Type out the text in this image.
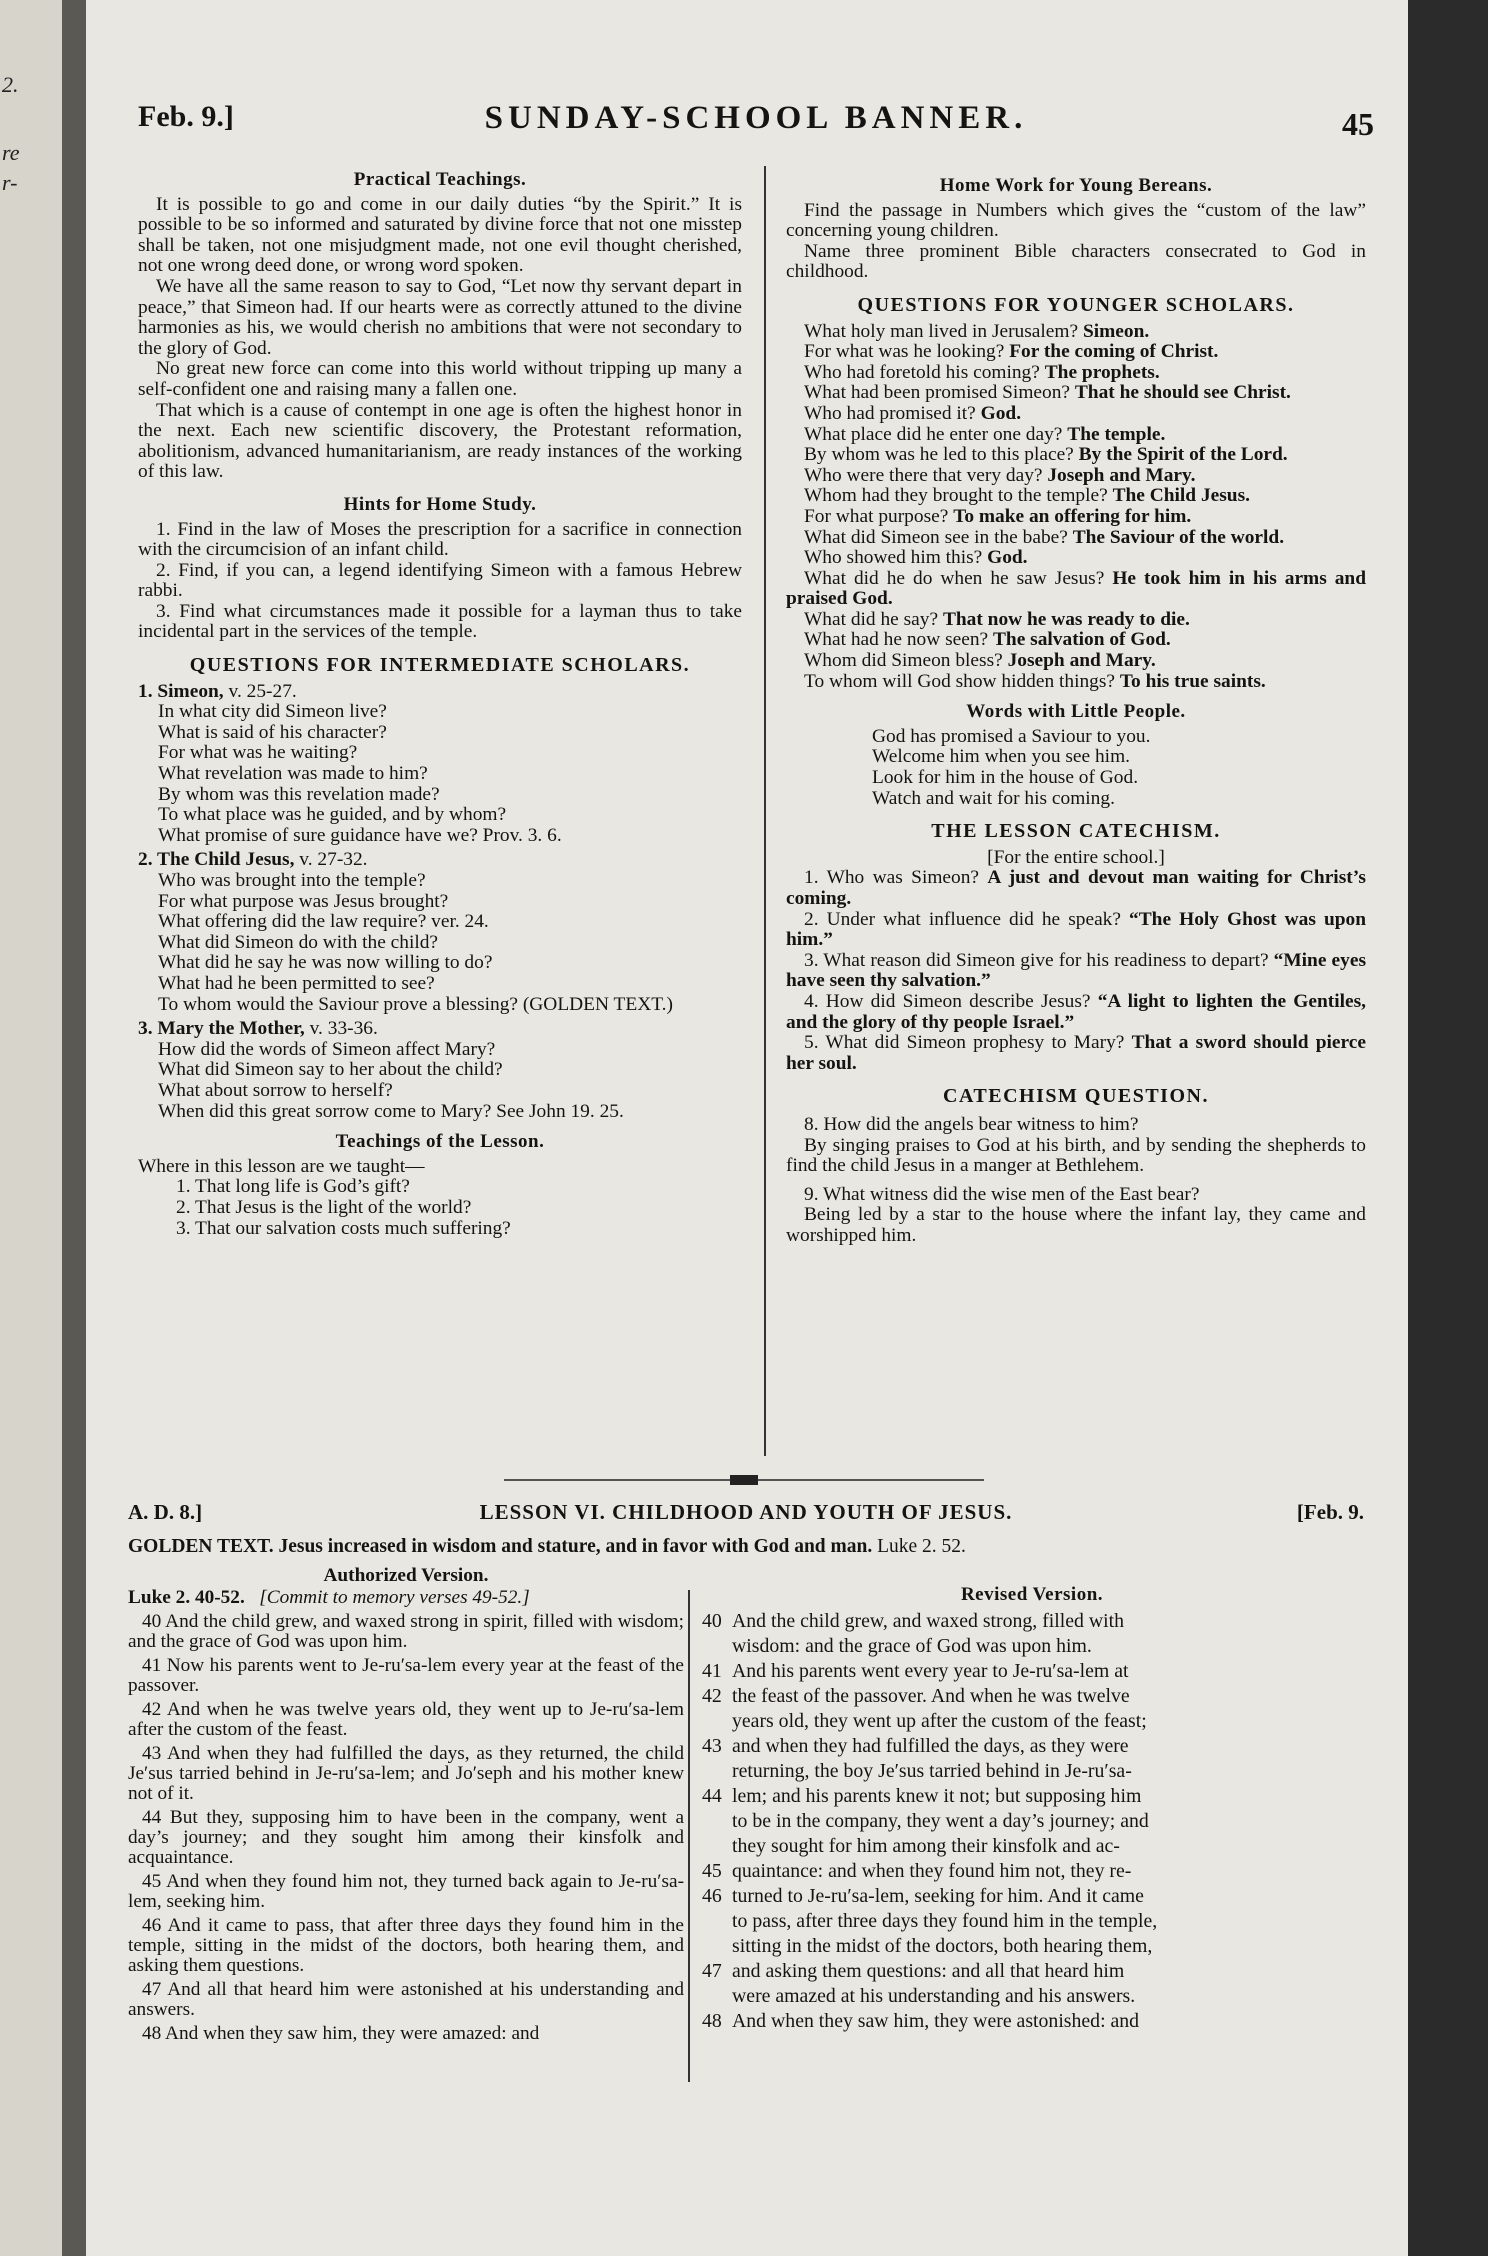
2.
re
r-
Feb. 9.]	SUNDAY-SCHOOL BANNER.	45
Practical Teachings.

It is possible to go and come in our daily duties “by the Spirit.” It is possible to be so informed and saturated by divine force that not one misstep shall be taken, not one misjudgment made, not one evil thought cherished, not one wrong deed done, or wrong word spoken.

We have all the same reason to say to God, “Let now thy servant depart in peace,” that Simeon had. If our hearts were as correctly attuned to the divine harmonies as his, we would cherish no ambitions that were not secondary to the glory of God.

No great new force can come into this world without tripping up many a self-confident one and raising many a fallen one.

That which is a cause of contempt in one age is often the highest honor in the next. Each new scientific discovery, the Protestant reformation, abolitionism, advanced humanitarianism, are ready instances of the working of this law.

Hints for Home Study.

1. Find in the law of Moses the prescription for a sacrifice in connection with the circumcision of an infant child.

2. Find, if you can, a legend identifying Simeon with a famous Hebrew rabbi.

3. Find what circumstances made it possible for a layman thus to take incidental part in the services of the temple.

QUESTIONS FOR INTERMEDIATE SCHOLARS.
1. Simeon, v. 25-27.
In what city did Simeon live?
What is said of his character?
For what was he waiting?
What revelation was made to him?
By whom was this revelation made?
To what place was he guided, and by whom?
What promise of sure guidance have we? Prov. 3. 6.
2. The Child Jesus, v. 27-32.
Who was brought into the temple?
For what purpose was Jesus brought?
What offering did the law require? ver. 24.
What did Simeon do with the child?
What did he say he was now willing to do?
What had he been permitted to see?
To whom would the Saviour prove a blessing? (GOLDEN TEXT.)
3. Mary the Mother, v. 33-36.
How did the words of Simeon affect Mary?
What did Simeon say to her about the child?
What about sorrow to herself?
When did this great sorrow come to Mary? See John 19. 25.
Teachings of the Lesson.
Where in this lesson are we taught—
1. That long life is God’s gift?
2. That Jesus is the light of the world?
3. That our salvation costs much suffering?
Home Work for Young Bereans.

Find the passage in Numbers which gives the “custom of the law” concerning young children.

Name three prominent Bible characters consecrated to God in childhood.

QUESTIONS FOR YOUNGER SCHOLARS.
What holy man lived in Jerusalem? Simeon.
For what was he looking? For the coming of Christ.
Who had foretold his coming? The prophets.
What had been promised Simeon? That he should see Christ.
Who had promised it? God.
What place did he enter one day? The temple.
By whom was he led to this place? By the Spirit of the Lord.
Who were there that very day? Joseph and Mary.
Whom had they brought to the temple? The Child Jesus.
For what purpose? To make an offering for him.
What did Simeon see in the babe? The Saviour of the world.
Who showed him this? God.
What did he do when he saw Jesus? He took him in his arms and praised God.
What did he say? That now he was ready to die.
What had he now seen? The salvation of God.
Whom did Simeon bless? Joseph and Mary.
To whom will God show hidden things? To his true saints.
Words with Little People.
God has promised a Saviour to you.
Welcome him when you see him.
Look for him in the house of God.
Watch and wait for his coming.
THE LESSON CATECHISM.
[For the entire school.]
1. Who was Simeon? A just and devout man waiting for Christ’s coming.
2. Under what influence did he speak? “The Holy Ghost was upon him.”
3. What reason did Simeon give for his readiness to depart? “Mine eyes have seen thy salvation.”
4. How did Simeon describe Jesus? “A light to lighten the Gentiles, and the glory of thy people Israel.”
5. What did Simeon prophesy to Mary? That a sword should pierce her soul.
CATECHISM QUESTION.
8. How did the angels bear witness to him?
By singing praises to God at his birth, and by sending the shepherds to find the child Jesus in a manger at Bethlehem.
9. What witness did the wise men of the East bear?
Being led by a star to the house where the infant lay, they came and worshipped him.
A. D. 8.]	LESSON VI. CHILDHOOD AND YOUTH OF JESUS.	[Feb. 9.
GOLDEN TEXT. Jesus increased in wisdom and stature, and in favor with God and man. Luke 2. 52.
Authorized Version.
Luke 2. 40-52. [Commit to memory verses 49-52.]

40 And the child grew, and waxed strong in spirit, filled with wisdom; and the grace of God was upon him.

41 Now his parents went to Je-ru′sa-lem every year at the feast of the passover.

42 And when he was twelve years old, they went up to Je-ru′sa-lem after the custom of the feast.

43 And when they had fulfilled the days, as they returned, the child Je′sus tarried behind in Je-ru′sa-lem; and Jo′seph and his mother knew not of it.

44 But they, supposing him to have been in the company, went a day’s journey; and they sought him among their kinsfolk and acquaintance.

45 And when they found him not, they turned back again to Je-ru′sa-lem, seeking him.

46 And it came to pass, that after three days they found him in the temple, sitting in the midst of the doctors, both hearing them, and asking them questions.

47 And all that heard him were astonished at his understanding and answers.

48 And when they saw him, they were amazed: and

Revised Version.
40 And the child grew, and waxed strong, filled with
wisdom: and the grace of God was upon him.
41 And his parents went every year to Je-ru′sa-lem at
42 the feast of the passover. And when he was twelve
years old, they went up after the custom of the feast;
43 and when they had fulfilled the days, as they were
returning, the boy Je′sus tarried behind in Je-ru′sa-
44 lem; and his parents knew it not; but supposing him
to be in the company, they went a day’s journey; and
they sought for him among their kinsfolk and ac-
45 quaintance: and when they found him not, they re-
46 turned to Je-ru′sa-lem, seeking for him. And it came
to pass, after three days they found him in the temple,
sitting in the midst of the doctors, both hearing them,
47 and asking them questions: and all that heard him
were amazed at his understanding and his answers.
48 And when they saw him, they were astonished: and
